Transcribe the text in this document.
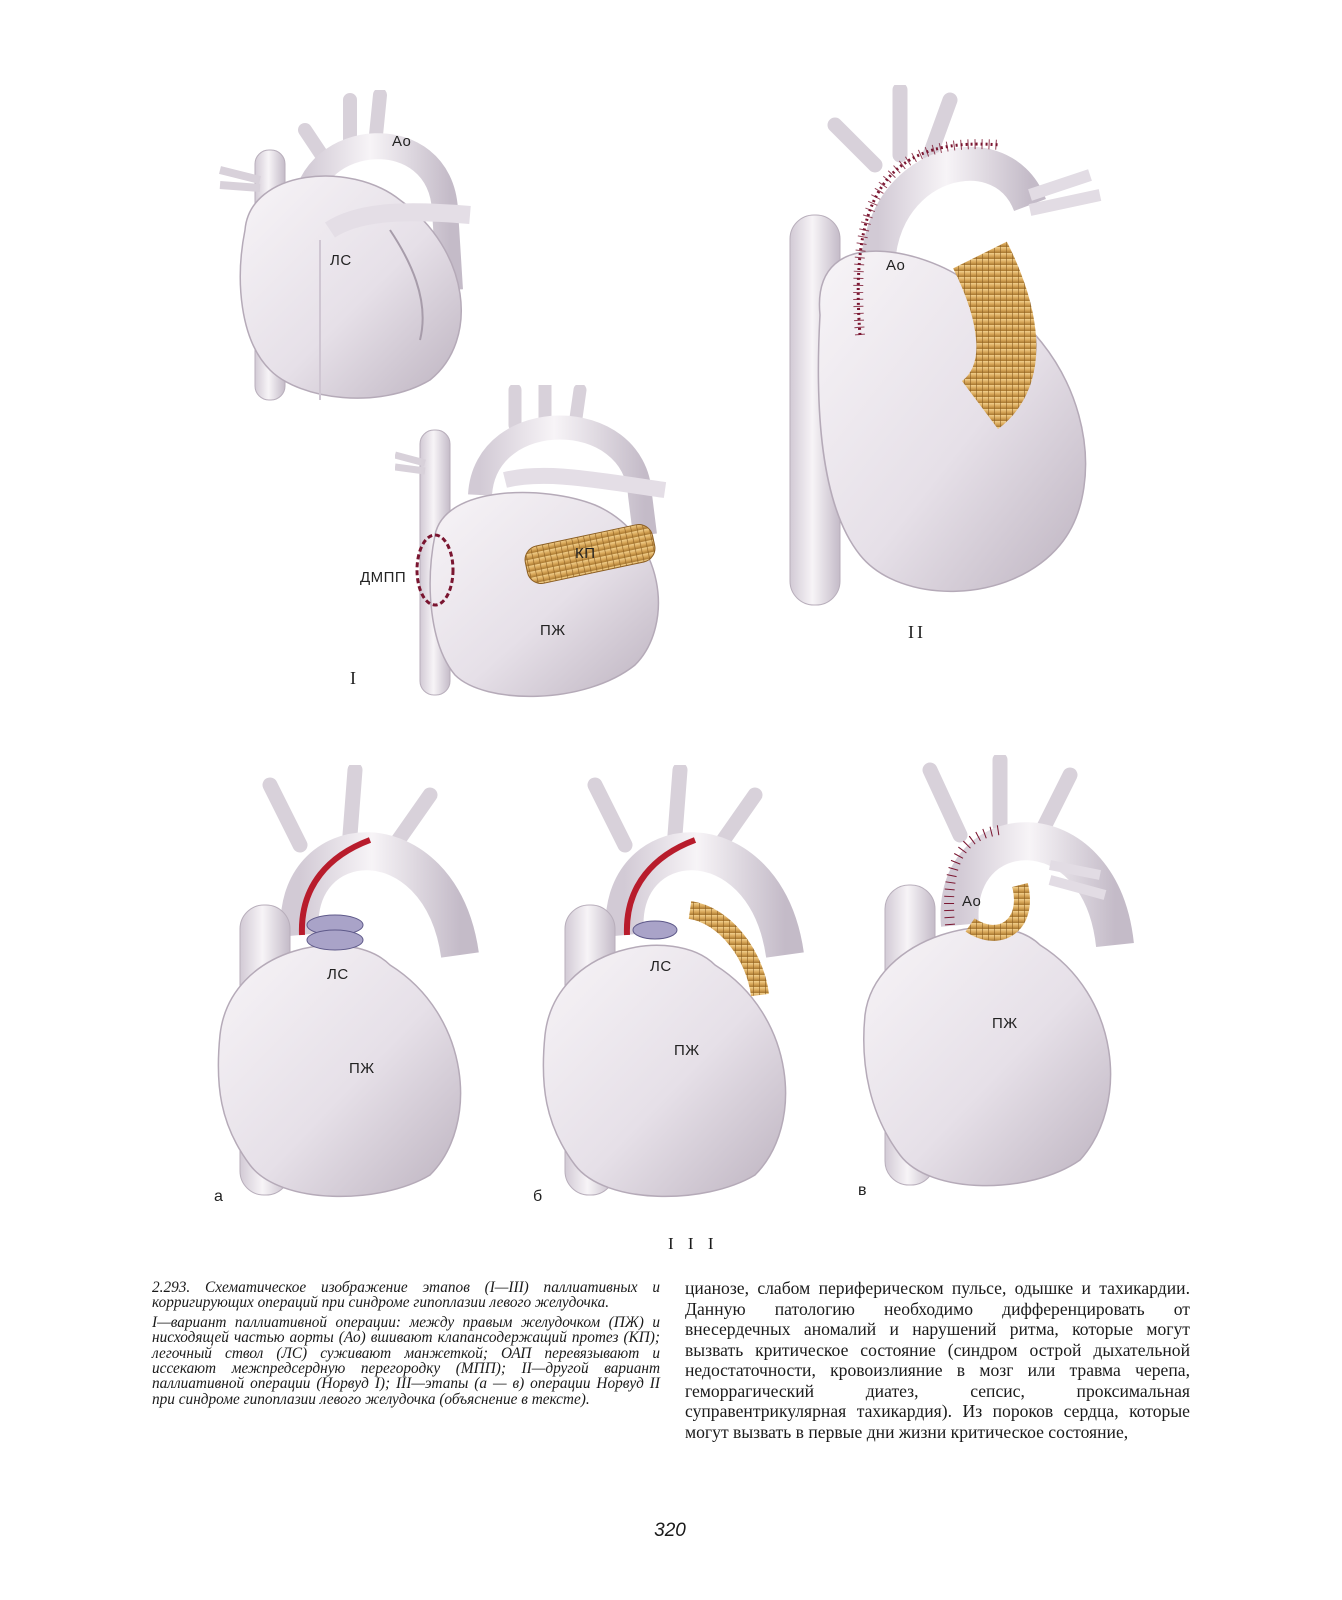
Ао
ЛС
ДМПП
КП
ПЖ
I
Ао
II
ЛС
ПЖ
а
ЛС
ПЖ
б
Ао
ПЖ
в
I I I

2.293. Схематическое изображение этапов (I—III) паллиативных и корригирующих операций при синдроме гипоплазии левого желудочка.

I—вариант паллиативной операции: между правым желудочком (ПЖ) и нисходящей частью аорты (Ао) вшивают клапансодержащий протез (КП); легочный ствол (ЛС) суживают манжеткой; ОАП перевязывают и иссекают межпредсердную перегородку (МПП); II—другой вариант паллиативной операции (Норвуд I); III—этапы (а — в) операции Норвуд II при синдроме гипоплазии левого желудочка (объяснение в тексте).

цианозе, слабом периферическом пульсе, одышке и тахикардии. Данную патологию необходимо дифференцировать от внесердечных аномалий и нарушений ритма, которые могут вызвать критическое состояние (синдром острой дыхательной недостаточности, кровоизлияние в мозг или травма черепа, геморрагический диатез, сепсис, проксимальная суправентрикулярная тахикардия). Из пороков сердца, которые могут вызвать в первые дни жизни критическое состояние,
320
